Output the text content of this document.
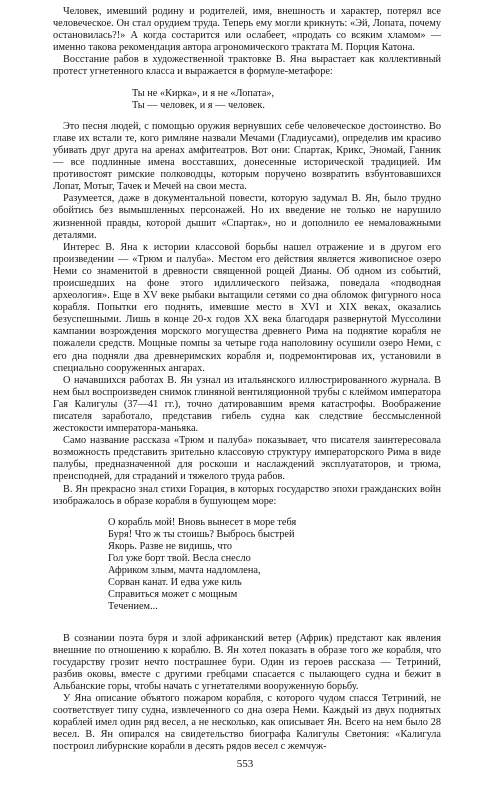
Человек, имевший родину и родителей, имя, внешность и характер, потерял все человеческое. Он стал орудием труда. Теперь ему могли крикнуть: «Эй, Лопата, почему остановилась?!» А когда состарится или ослабеет, «продать со всяким хламом» — именно такова рекомендация автора агрономического трактата М. Порция Катона.

Восстание рабов в художественной трактовке В. Яна вырастает как коллективный протест угнетенного класса и выражается в формуле-метафоре:

Ты не «Кирка», и я не «Лопата»,
Ты — человек, и я — человек.

Это песня людей, с помощью оружия вернувших себе человеческое достоинство. Во главе их встали те, кого римляне назвали Мечами (Гладиусами), определив им красиво убивать друг друга на аренах амфитеатров. Вот они: Спартак, Крикс, Эномай, Ганник — все подлинные имена восставших, донесенные исторической традицией. Им противостоят римские полководцы, которым поручено возвратить взбунтовавшихся Лопат, Мотыг, Тачек и Мечей на свои места.

Разумеется, даже в документальной повести, которую задумал В. Ян, было трудно обойтись без вымышленных персонажей. Но их введение не только не нарушило жизненной правды, которой дышит «Спартак», но и дополнило ее немаловажными деталями.

Интерес В. Яна к истории классовой борьбы нашел отражение и в другом его произведении — «Трюм и палуба». Местом его действия является живописное озеро Неми со знаменитой в древности священной рощей Дианы. Об одном из событий, происшедших на фоне этого идиллического пейзажа, поведала «подводная археология». Еще в XV веке рыбаки вытащили сетями со дна обломок фигурного носа корабля. Попытки его поднять, имевшие место в XVI и XIX веках, оказались безуспешными. Лишь в конце 20-х годов XX века благодаря развернутой Муссолини кампании возрождения морского могущества древнего Рима на поднятие корабля не пожалели средств. Мощные помпы за четыре года наполовину осушили озеро Неми, с его дна подняли два древнеримских корабля и, подремонтировав их, установили в специально сооруженных ангарах.

О начавшихся работах В. Ян узнал из итальянского иллюстрированного журнала. В нем был воспроизведен снимок глиняной вентиляционной трубы с клеймом императора Гая Калигулы (37—41 гг.), точно датировавшим время катастрофы. Воображение писателя заработало, представив гибель судна как следствие бессмысленной жестокости императора-маньяка.

Само название рассказа «Трюм и палуба» показывает, что писателя заинтересовала возможность представить зрительно классовую структуру императорского Рима в виде палубы, предназначенной для роскоши и наслаждений эксплуататоров, и трюма, преисподней, для страданий и тяжелого труда рабов.

В. Ян прекрасно знал стихи Горация, в которых государство эпохи гражданских войн изображалось в образе корабля в бушующем море:

О корабль мой! Вновь вынесет в море тебя
Буря! Что ж ты стоишь? Выбрось быстрей
Якорь. Разве не видишь, что
Гол уже борт твой. Весла снесло
Африком злым, мачта надломлена,
Сорван канат. И едва уже киль
Справиться может с мощным
Течением...

В сознании поэта буря и злой африканский ветер (Африк) предстают как явления внешние по отношению к кораблю. В. Ян хотел показать в образе того же корабля, что государству грозит нечто пострашнее бури. Один из героев рассказа — Тетриний, разбив оковы, вместе с другими гребцами спасается с пылающего судна и бежит в Альбанские горы, чтобы начать с угнетателями вооруженную борьбу.

У Яна описание объятого пожаром корабля, с которого чудом спасся Тетриний, не соответствует типу судна, извлеченного со дна озера Неми. Каждый из двух поднятых кораблей имел один ряд весел, а не несколько, как описывает Ян. Всего на нем было 28 весел. В. Ян опирался на свидетельство биографа Калигулы Светония: «Калигула построил либурнские корабли в десять рядов весел с жемчуж-

553
